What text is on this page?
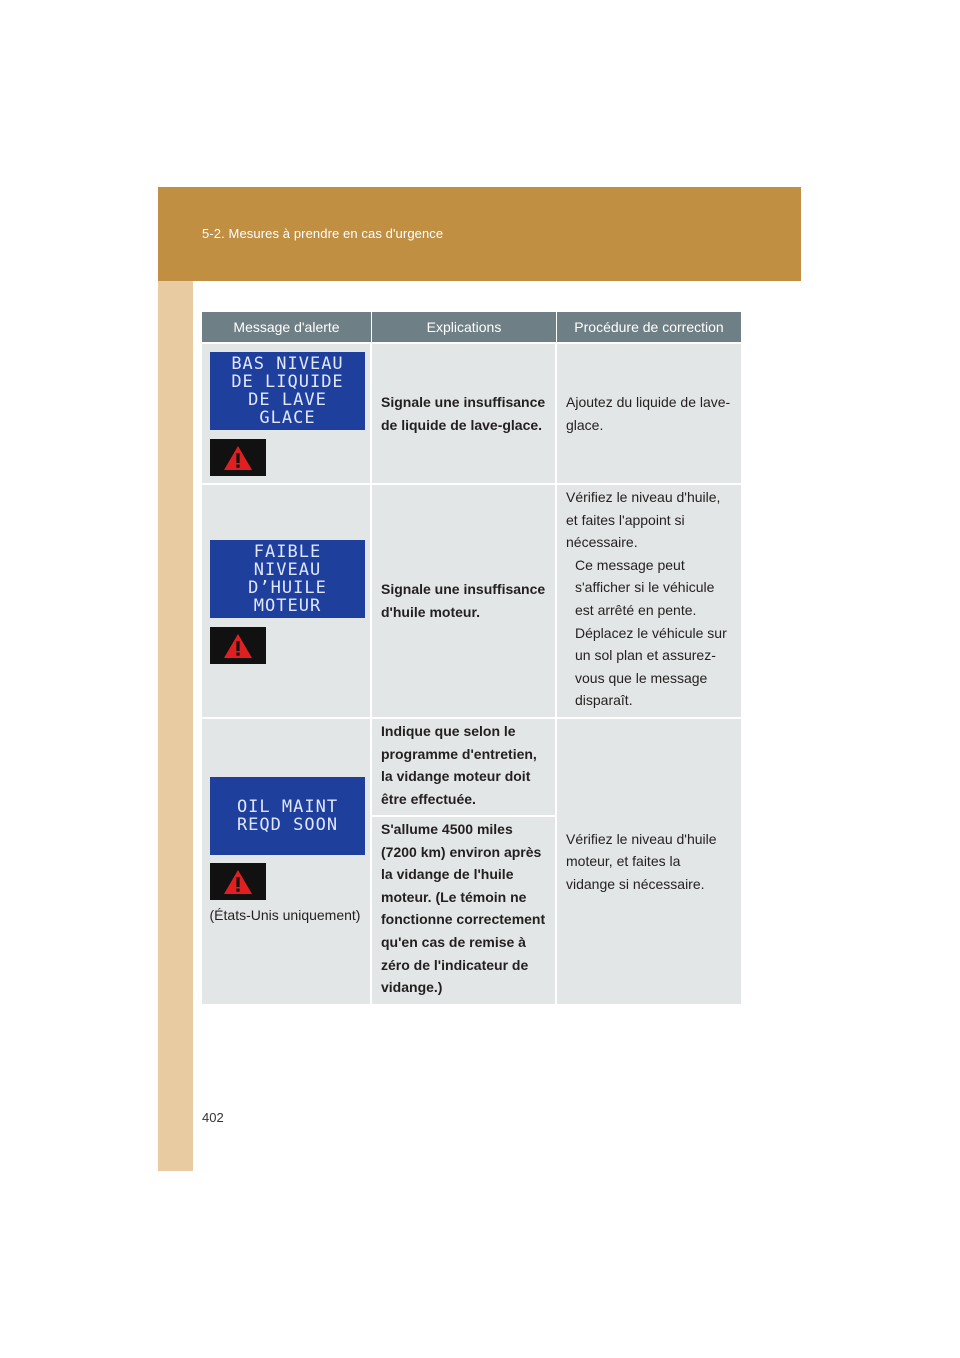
5-2. Mesures à prendre en cas d'urgence
Message d'alerte	Explications	Procédure de correction
BAS NIVEAU
DE LIQUIDE
DE LAVE
GLACE
Signale une insuffisance de liquide de lave-glace.
Ajoutez du liquide de lave-glace.
FAIBLE
NIVEAU
D’HUILE
MOTEUR
Signale une insuffisance d'huile moteur.
Vérifiez le niveau d'huile, et faites l'appoint si nécessaire.
Ce message peut s'afficher si le véhicule est arrêté en pente. Déplacez le véhicule sur un sol plan et assurez-vous que le message disparaît.
OIL MAINT
REQD SOON
(États-Unis uniquement)
Indique que selon le programme d'entretien, la vidange moteur doit être effectuée.
S'allume 4500 miles (7200 km) environ après la vidange de l'huile moteur. (Le témoin ne fonctionne correctement qu'en cas de remise à zéro de l'indicateur de vidange.)
Vérifiez le niveau d'huile moteur, et faites la vidange si nécessaire.
402
